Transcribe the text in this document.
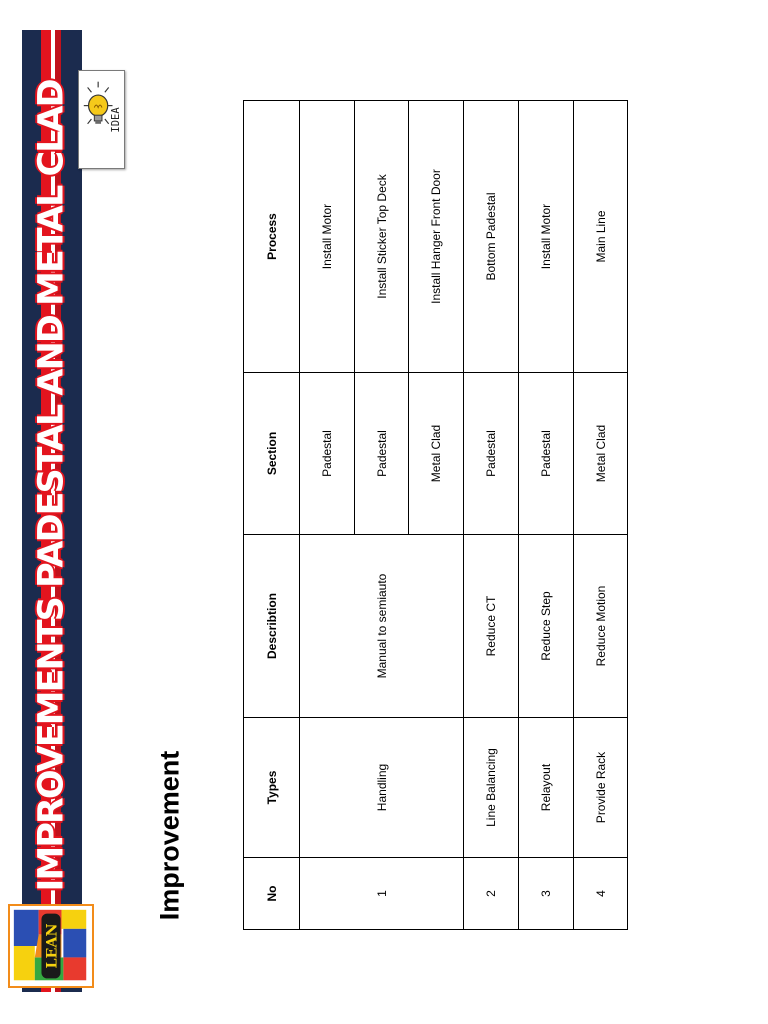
IMPROVEMENTS PADESTAL AND METAL CLAD
LEAN
IDEA
Improvement	No	Types	Describtion	Section	Process
1	Handling	Manual to semiauto	Padestal	Install Motor
			Padestal	Install Sticker Top Deck
			Metal Clad	Install Hanger Front Door
2	Line Balancing	Reduce CT	Padestal	Bottom Padestal
3	Relayout	Reduce Step	Padestal	Install Motor
4	Provide Rack	Reduce Motion	Metal Clad	Main Line
